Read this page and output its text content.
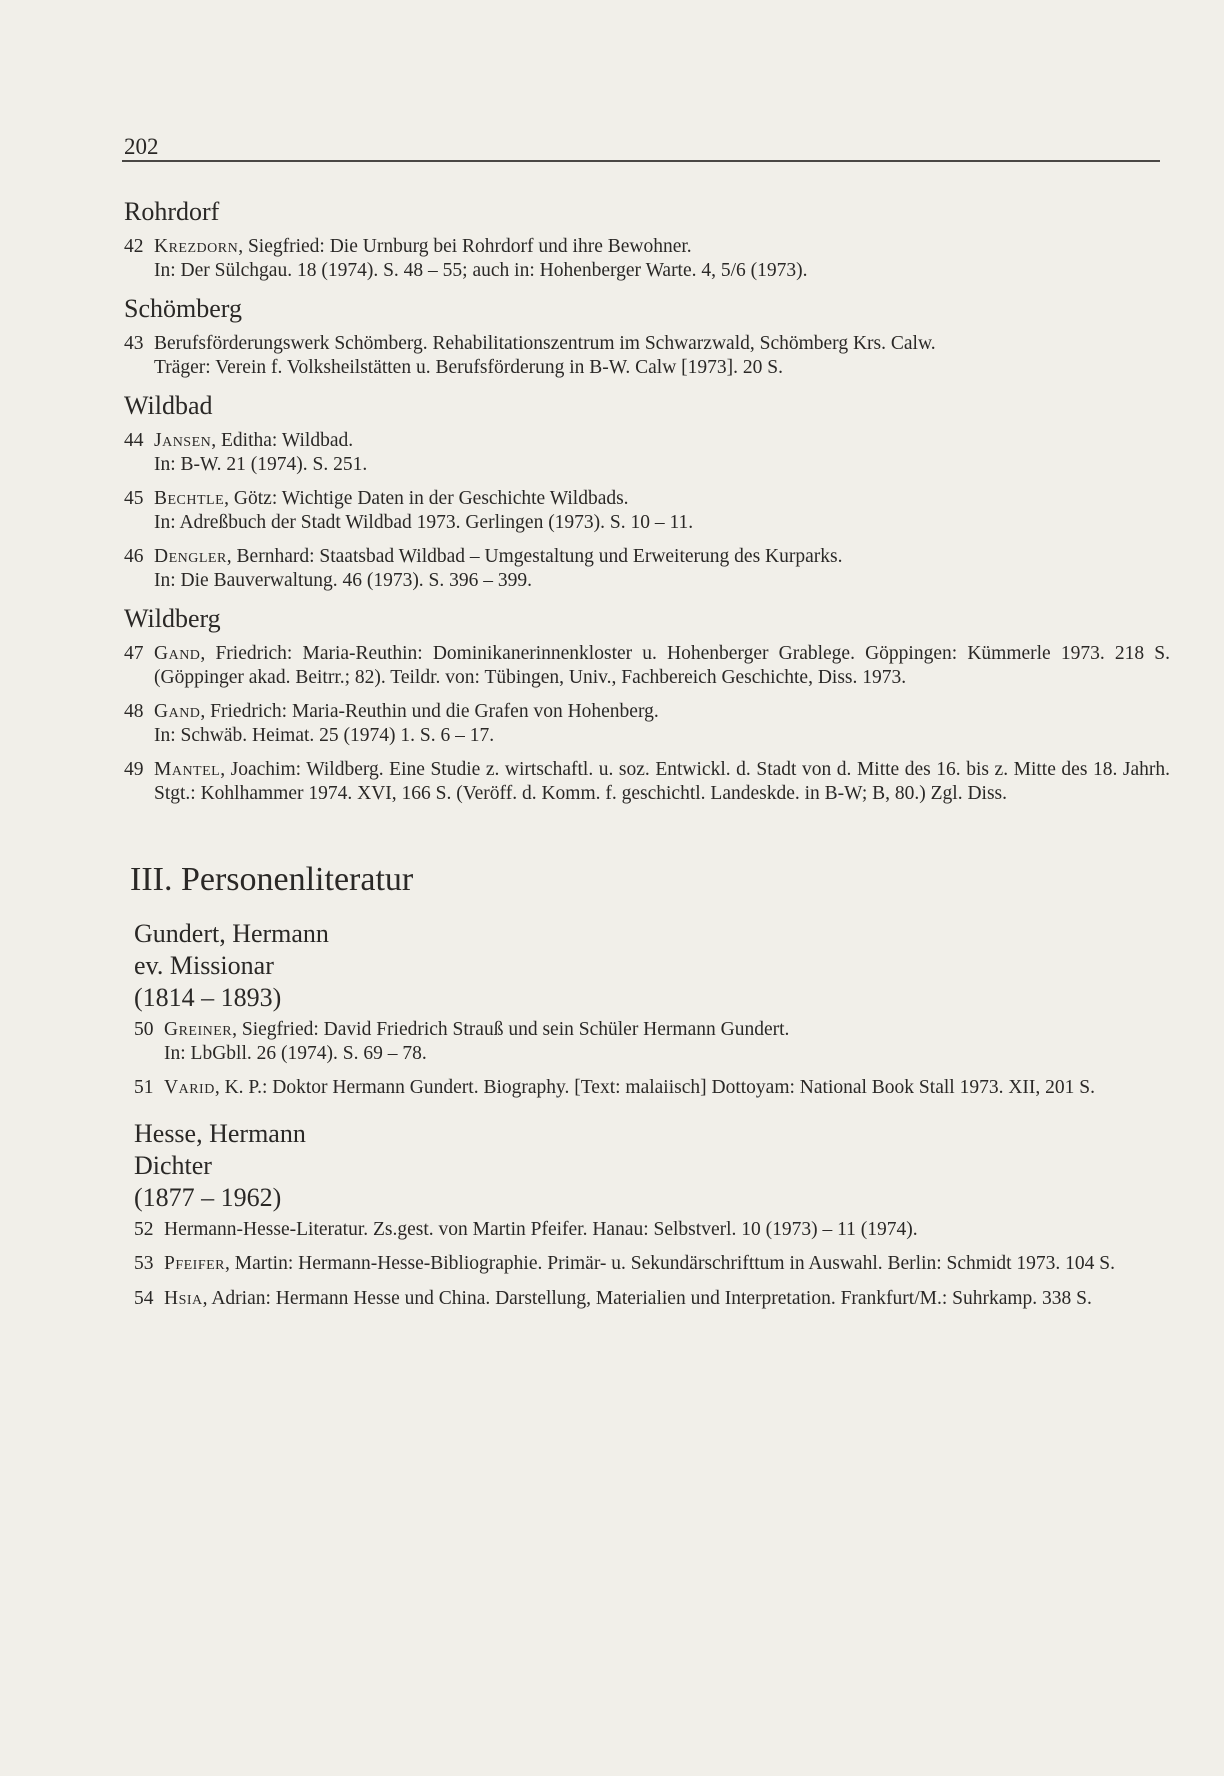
202
Rohrdorf
42 Krezdorn, Siegfried: Die Urnburg bei Rohrdorf und ihre Bewohner.
In: Der Sülchgau. 18 (1974). S. 48 – 55; auch in: Hohenberger Warte. 4, 5/6 (1973).
Schömberg
43 Berufsförderungswerk Schömberg. Rehabilitationszentrum im Schwarzwald, Schömberg Krs. Calw.
Träger: Verein f. Volksheilstätten u. Berufsförderung in B-W. Calw [1973]. 20 S.
Wildbad
44 Jansen, Editha: Wildbad.
In: B-W. 21 (1974). S. 251.
45 Bechtle, Götz: Wichtige Daten in der Geschichte Wildbads.
In: Adreßbuch der Stadt Wildbad 1973. Gerlingen (1973). S. 10 – 11.
46 Dengler, Bernhard: Staatsbad Wildbad – Umgestaltung und Erweiterung des Kurparks.
In: Die Bauverwaltung. 46 (1973). S. 396 – 399.
Wildberg
47 Gand, Friedrich: Maria-Reuthin: Dominikanerinnenkloster u. Hohenberger Grablege. Göppingen: Kümmerle 1973. 218 S. (Göppinger akad. Beitrr.; 82). Teildr. von: Tübingen, Univ., Fachbereich Geschichte, Diss. 1973.
48 Gand, Friedrich: Maria-Reuthin und die Grafen von Hohenberg.
In: Schwäb. Heimat. 25 (1974) 1. S. 6 – 17.
49 Mantel, Joachim: Wildberg. Eine Studie z. wirtschaftl. u. soz. Entwickl. d. Stadt von d. Mitte des 16. bis z. Mitte des 18. Jahrh. Stgt.: Kohlhammer 1974. XVI, 166 S. (Veröff. d. Komm. f. geschichtl. Landeskde. in B-W; B, 80.) Zgl. Diss.
III. Personenliteratur
Gundert, Hermann
ev. Missionar
(1814 – 1893)
50 Greiner, Siegfried: David Friedrich Strauß und sein Schüler Hermann Gundert.
In: LbGbll. 26 (1974). S. 69 – 78.
51 Varid, K. P.: Doktor Hermann Gundert. Biography. [Text: malaiisch] Dottoyam: National Book Stall 1973. XII, 201 S.
Hesse, Hermann
Dichter
(1877 – 1962)
52 Hermann-Hesse-Literatur. Zs.gest. von Martin Pfeifer. Hanau: Selbstverl. 10 (1973) – 11 (1974).
53 Pfeifer, Martin: Hermann-Hesse-Bibliographie. Primär- u. Sekundärschrifttum in Auswahl. Berlin: Schmidt 1973. 104 S.
54 Hsia, Adrian: Hermann Hesse und China. Darstellung, Materialien und Interpretation. Frankfurt/M.: Suhrkamp. 338 S.
